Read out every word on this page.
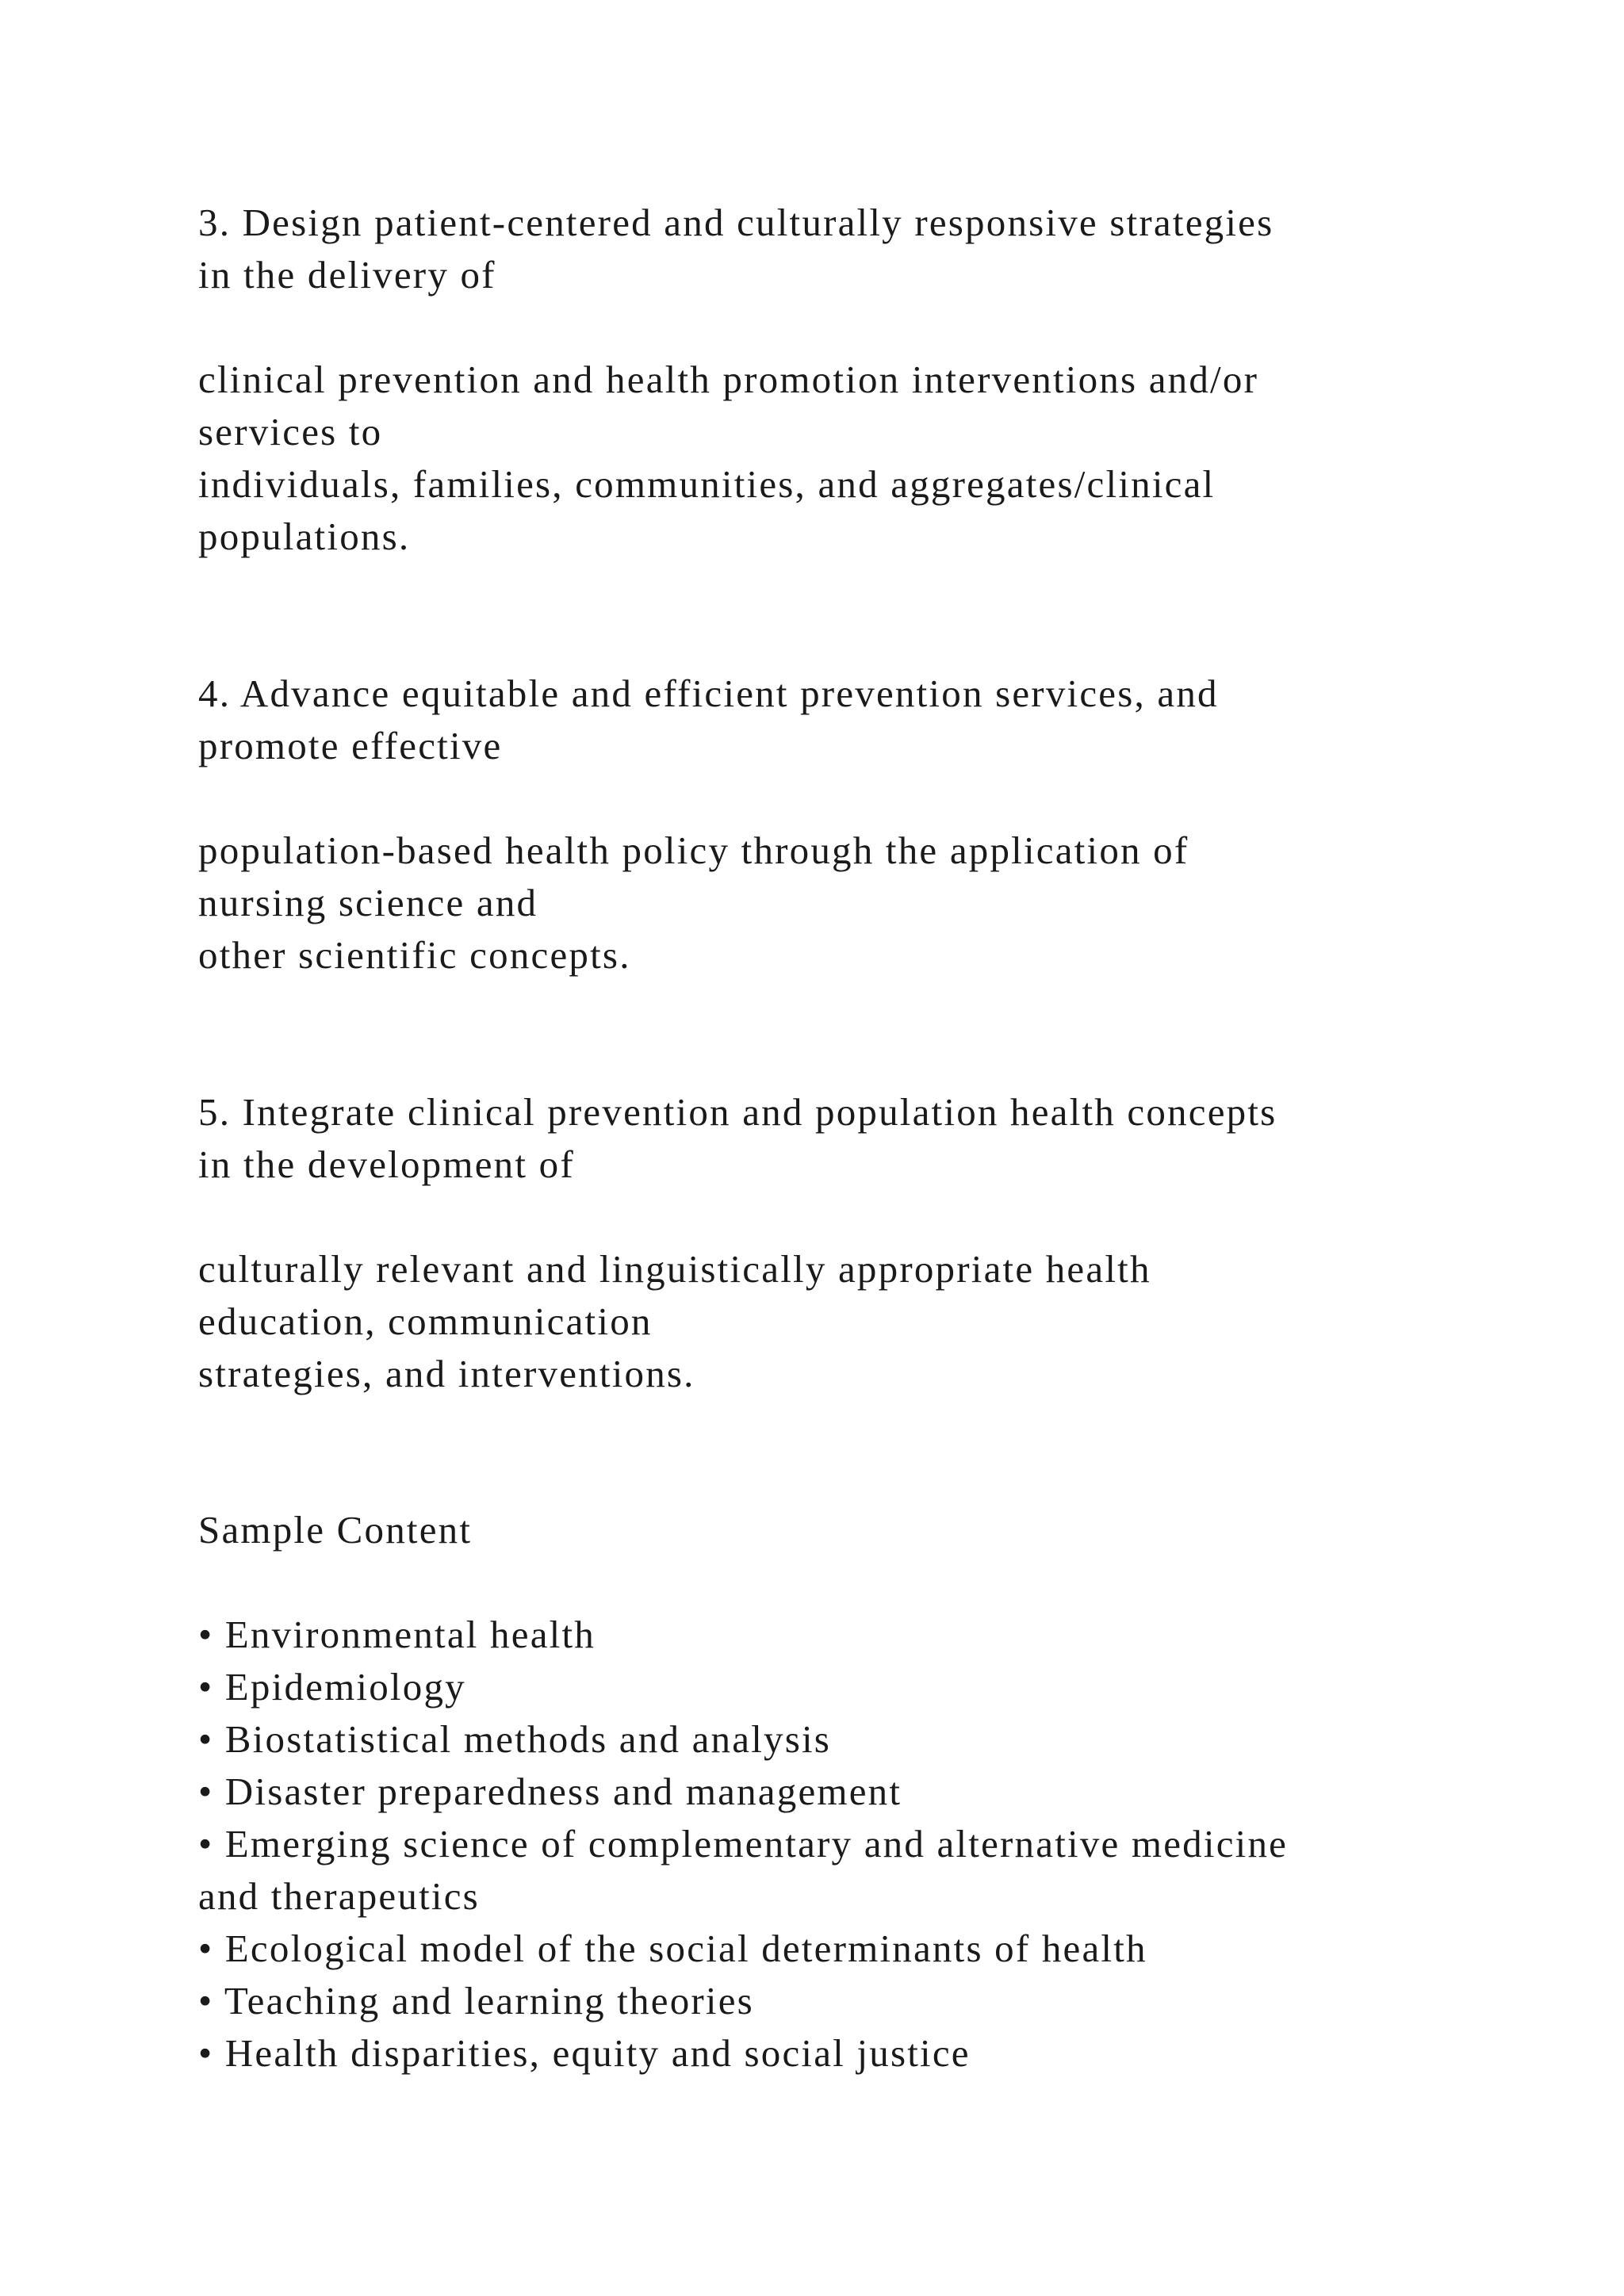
3. Design patient-centered and culturally responsive strategies
in the delivery of
clinical prevention and health promotion interventions and/or
services to
individuals, families, communities, and aggregates/clinical
populations.
4. Advance equitable and efficient prevention services, and
promote effective
population-based health policy through the application of
nursing science and
other scientific concepts.
5. Integrate clinical prevention and population health concepts
in the development of
culturally relevant and linguistically appropriate health
education, communication
strategies, and interventions.
Sample Content
• Environmental health
• Epidemiology
• Biostatistical methods and analysis
• Disaster preparedness and management
• Emerging science of complementary and alternative medicine
and therapeutics
• Ecological model of the social determinants of health
• Teaching and learning theories
• Health disparities, equity and social justice
